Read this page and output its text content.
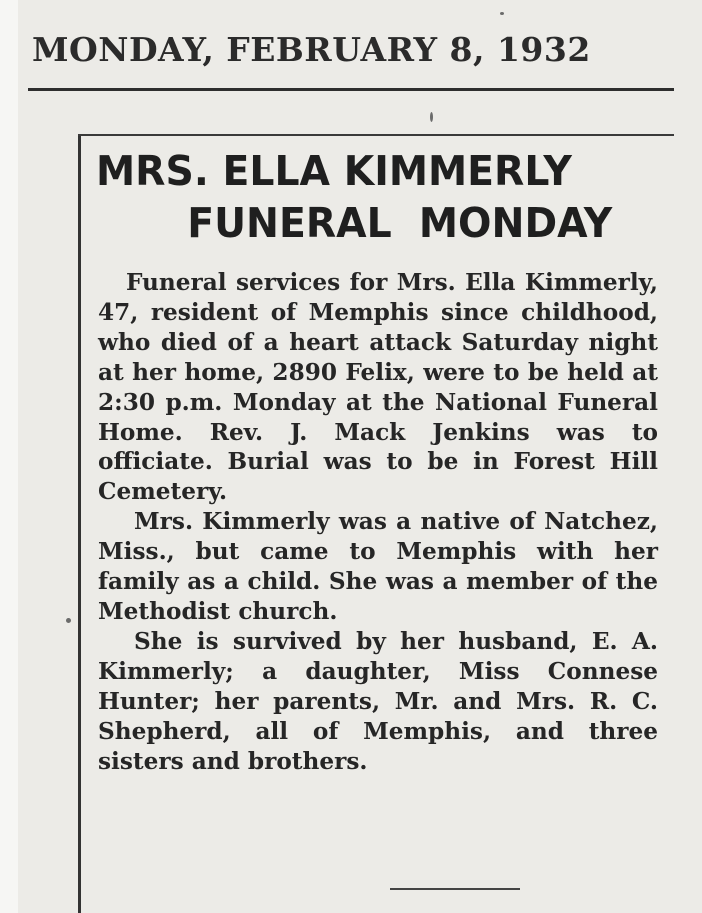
MONDAY, FEBRUARY 8, 1932
MRS. ELLA KIMMERLY
FUNERAL MONDAY

Funeral services for Mrs. Ella Kimmerly, 47, resident of Memphis since childhood, who died of a heart attack Saturday night at her home, 2890 Felix, were to be held at 2:30 p.m. Monday at the National Funeral Home. Rev. J. Mack Jenkins was to officiate. Burial was to be in Forest Hill Cemetery.

Mrs. Kimmerly was a native of Natchez, Miss., but came to Memphis with her family as a child. She was a member of the Methodist church.

She is survived by her husband, E. A. Kimmerly; a daughter, Miss Connese Hunter; her parents, Mr. and Mrs. R. C. Shepherd, all of Memphis, and three sisters and brothers.
